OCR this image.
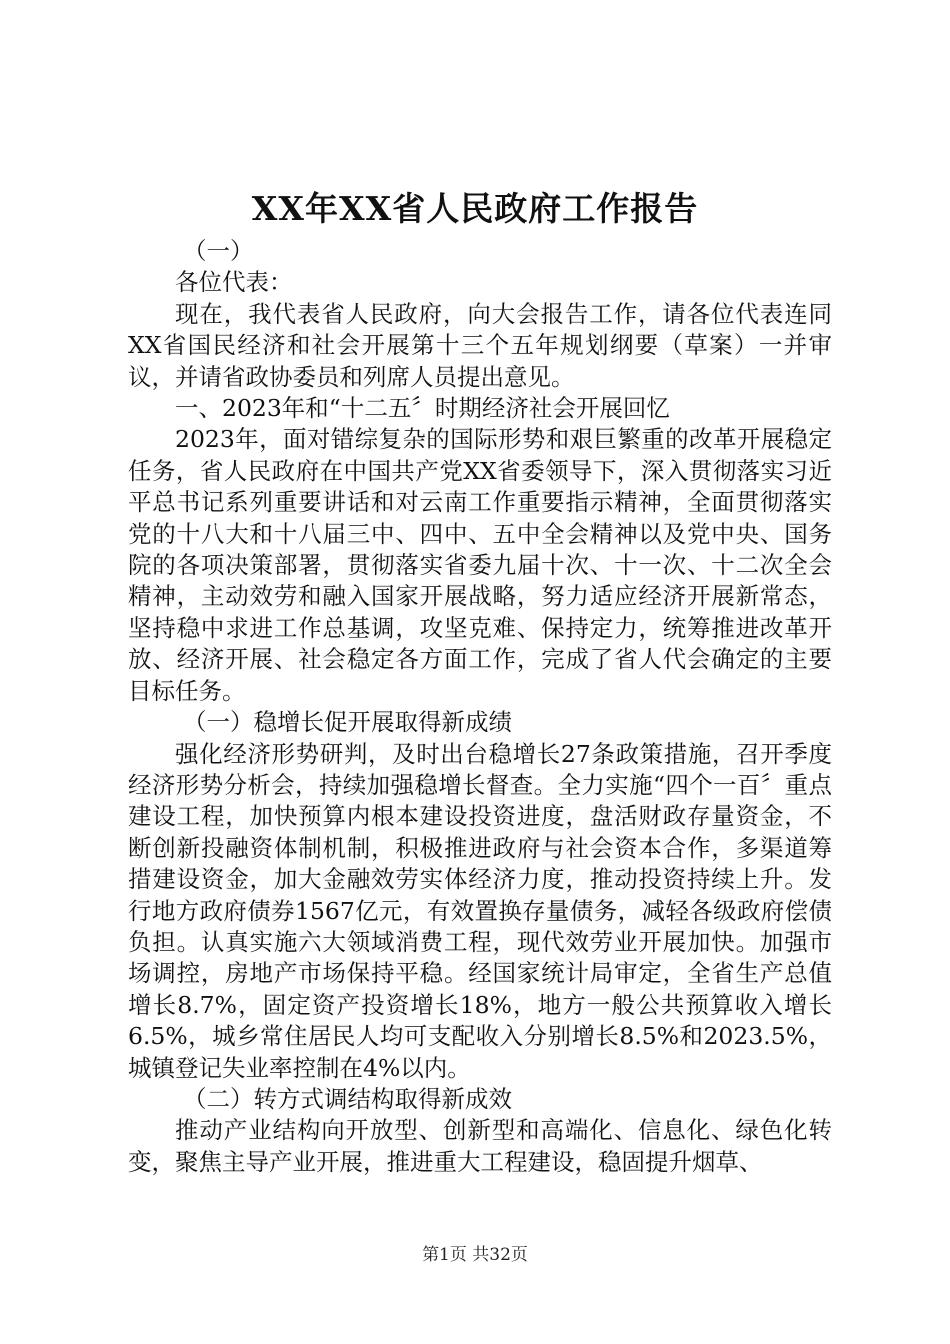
XX年XX省人民政府工作报告

（一）

各位代表：

现在，我代表省人民政府，向大会报告工作，请各位代表连同XX省国民经济和社会开展第十三个五年规划纲要（草案）一并审议，并请省政协委员和列席人员提出意见。

一、2023年和“十二五〞时期经济社会开展回忆

2023年，面对错综复杂的国际形势和艰巨繁重的改革开展稳定任务，省人民政府在中国共产党XX省委领导下，深入贯彻落实习近平总书记系列重要讲话和对云南工作重要指示精神，全面贯彻落实党的十八大和十八届三中、四中、五中全会精神以及党中央、国务院的各项决策部署，贯彻落实省委九届十次、十一次、十二次全会精神，主动效劳和融入国家开展战略，努力适应经济开展新常态，坚持稳中求进工作总基调，攻坚克难、保持定力，统筹推进改革开放、经济开展、社会稳定各方面工作，完成了省人代会确定的主要目标任务。

（一）稳增长促开展取得新成绩

强化经济形势研判，及时出台稳增长27条政策措施，召开季度经济形势分析会，持续加强稳增长督查。全力实施“四个一百〞重点建设工程，加快预算内根本建设投资进度，盘活财政存量资金，不断创新投融资体制机制，积极推进政府与社会资本合作，多渠道筹措建设资金，加大金融效劳实体经济力度，推动投资持续上升。发行地方政府债券1567亿元，有效置换存量债务，减轻各级政府偿债负担。认真实施六大领域消费工程，现代效劳业开展加快。加强市场调控，房地产市场保持平稳。经国家统计局审定，全省生产总值增长8.7%，固定资产投资增长18%，地方一般公共预算收入增长6.5%，城乡常住居民人均可支配收入分别增长8.5%和2023.5%，城镇登记失业率控制在4%以内。

（二）转方式调结构取得新成效

推动产业结构向开放型、创新型和高端化、信息化、绿色化转变，聚焦主导产业开展，推进重大工程建设，稳固提升烟草、

第1页 共32页
